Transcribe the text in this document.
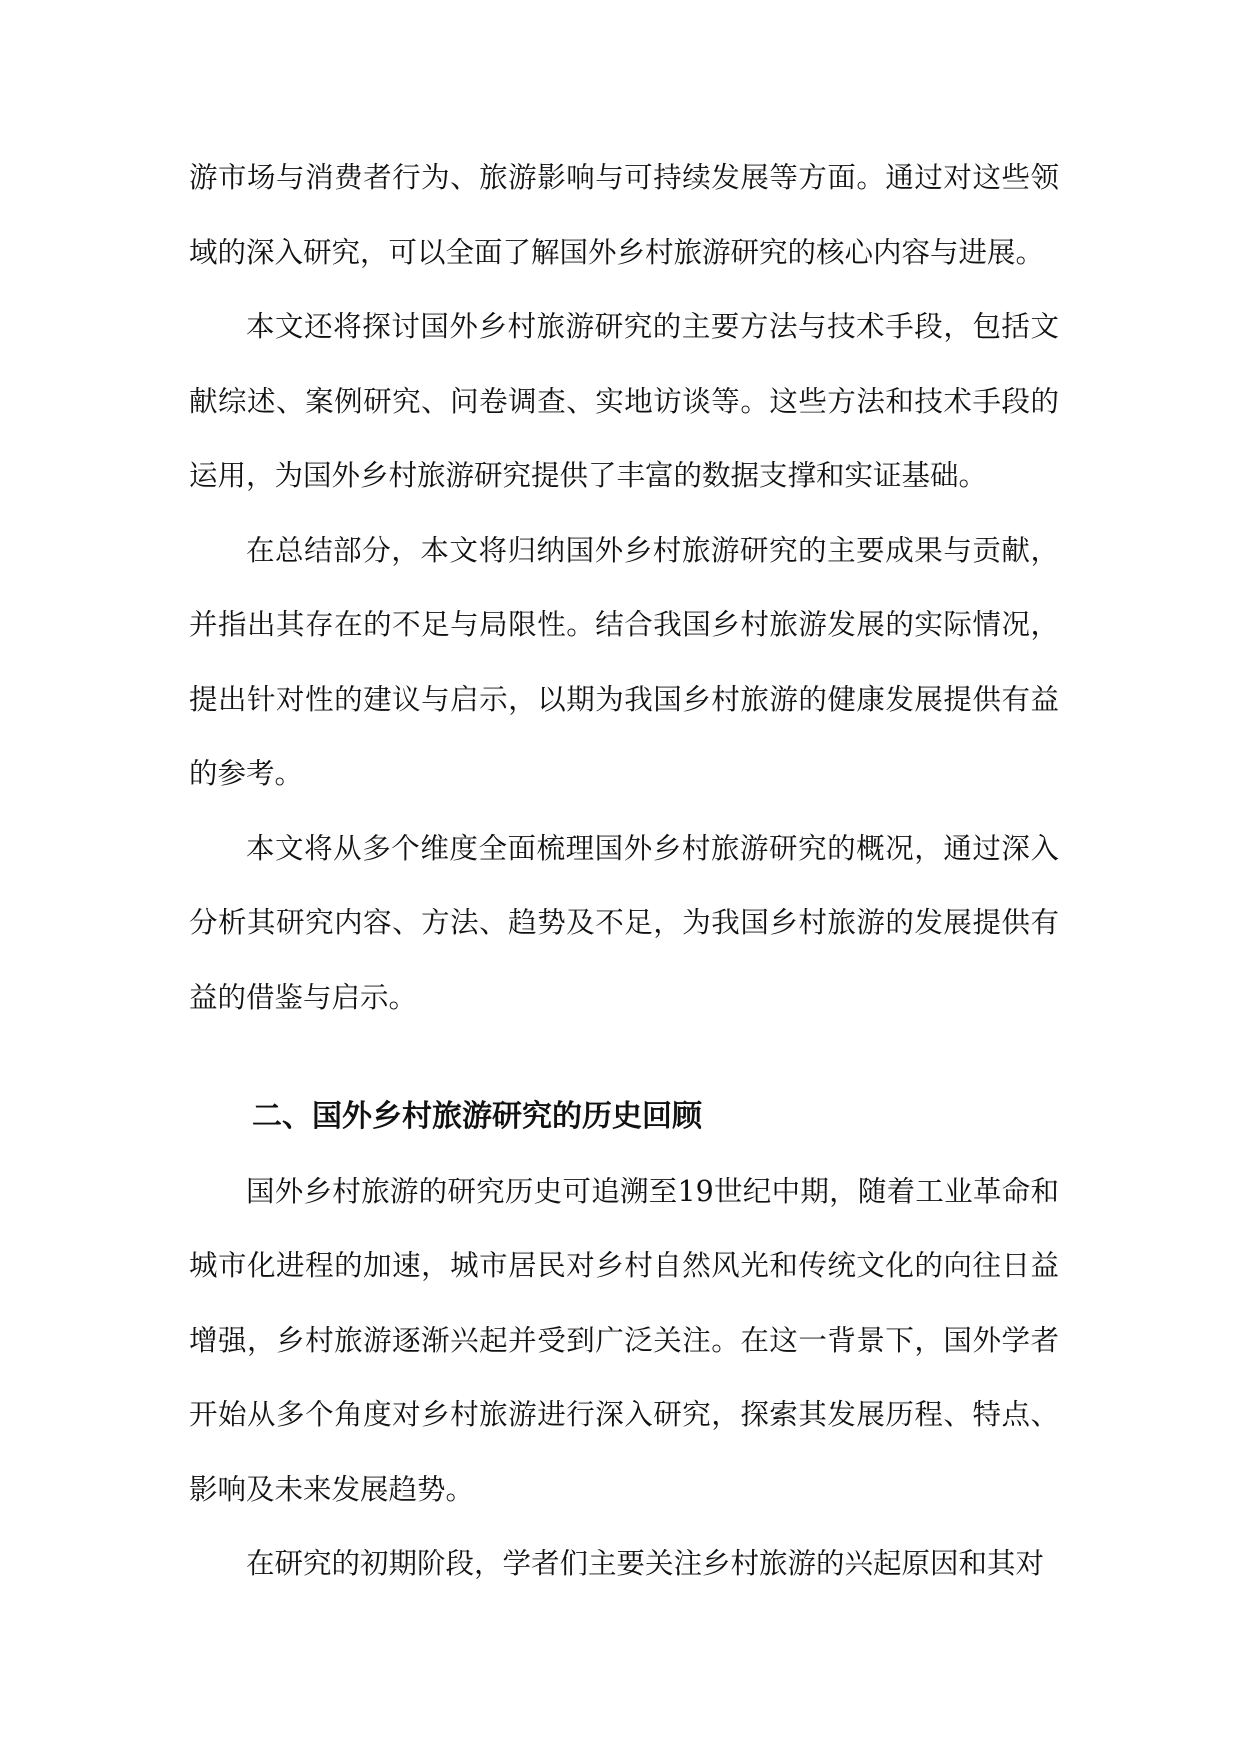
游市场与消费者行为、旅游影响与可持续发展等方面。通过对这些领域的深入研究，可以全面了解国外乡村旅游研究的核心内容与进展。

本文还将探讨国外乡村旅游研究的主要方法与技术手段，包括文献综述、案例研究、问卷调查、实地访谈等。这些方法和技术手段的运用，为国外乡村旅游研究提供了丰富的数据支撑和实证基础。

在总结部分，本文将归纳国外乡村旅游研究的主要成果与贡献，并指出其存在的不足与局限性。结合我国乡村旅游发展的实际情况，提出针对性的建议与启示，以期为我国乡村旅游的健康发展提供有益的参考。

本文将从多个维度全面梳理国外乡村旅游研究的概况，通过深入分析其研究内容、方法、趋势及不足，为我国乡村旅游的发展提供有益的借鉴与启示。

二、国外乡村旅游研究的历史回顾

国外乡村旅游的研究历史可追溯至19世纪中期，随着工业革命和城市化进程的加速，城市居民对乡村自然风光和传统文化的向往日益增强，乡村旅游逐渐兴起并受到广泛关注。在这一背景下，国外学者开始从多个角度对乡村旅游进行深入研究，探索其发展历程、特点、影响及未来发展趋势。

在研究的初期阶段，学者们主要关注乡村旅游的兴起原因和其对
